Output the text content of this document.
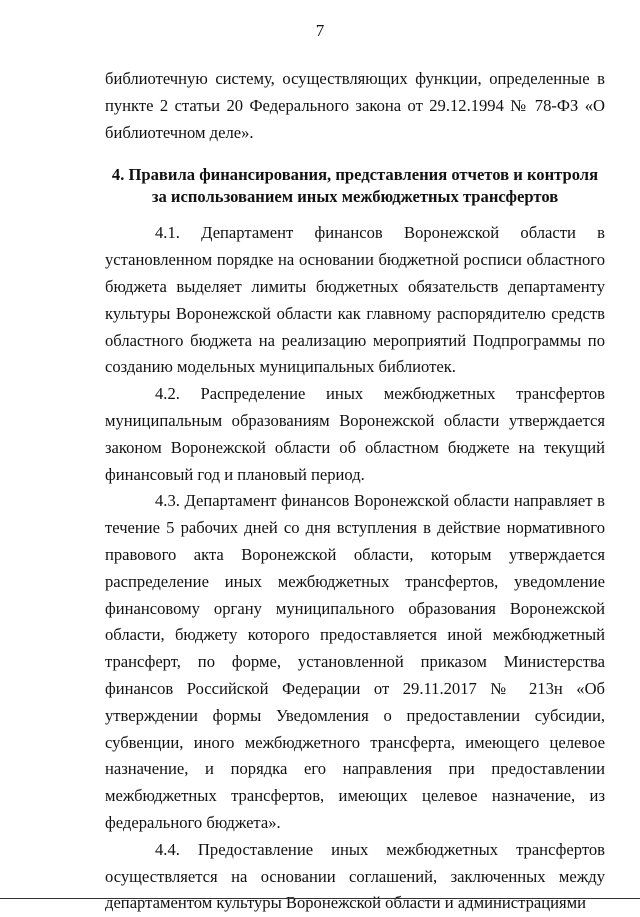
7

библиотечную систему, осуществляющих функции, определенные в пункте 2 статьи 20 Федерального закона от 29.12.1994 № 78-ФЗ «О библиотечном деле».

4. Правила финансирования, представления отчетов и контроля
за использованием иных межбюджетных трансфертов

4.1. Департамент финансов Воронежской области в установленном порядке на основании бюджетной росписи областного бюджета выделяет лимиты бюджетных обязательств департаменту культуры Воронежской области как главному распорядителю средств областного бюджета на реализацию мероприятий Подпрограммы по созданию модельных муниципальных библиотек.

4.2. Распределение иных межбюджетных трансфертов муниципальным образованиям Воронежской области утверждается законом Воронежской области об областном бюджете на текущий финансовый год и плановый период.

4.3. Департамент финансов Воронежской области направляет в течение 5 рабочих дней со дня вступления в действие нормативного правового акта Воронежской области, которым утверждается распределение иных межбюджетных трансфертов, уведомление финансовому органу муниципального образования Воронежской области, бюджету которого предоставляется иной межбюджетный трансферт, по форме, установленной приказом Министерства финансов Российской Федерации от 29.11.2017 № 213н «Об утверждении формы Уведомления о предоставлении субсидии, субвенции, иного межбюджетного трансферта, имеющего целевое назначение, и порядка его направления при предоставлении межбюджетных трансфертов, имеющих целевое назначение, из федерального бюджета».

4.4. Предоставление иных межбюджетных трансфертов осуществляется на основании соглашений, заключенных между департаментом культуры Воронежской области и администрациями
